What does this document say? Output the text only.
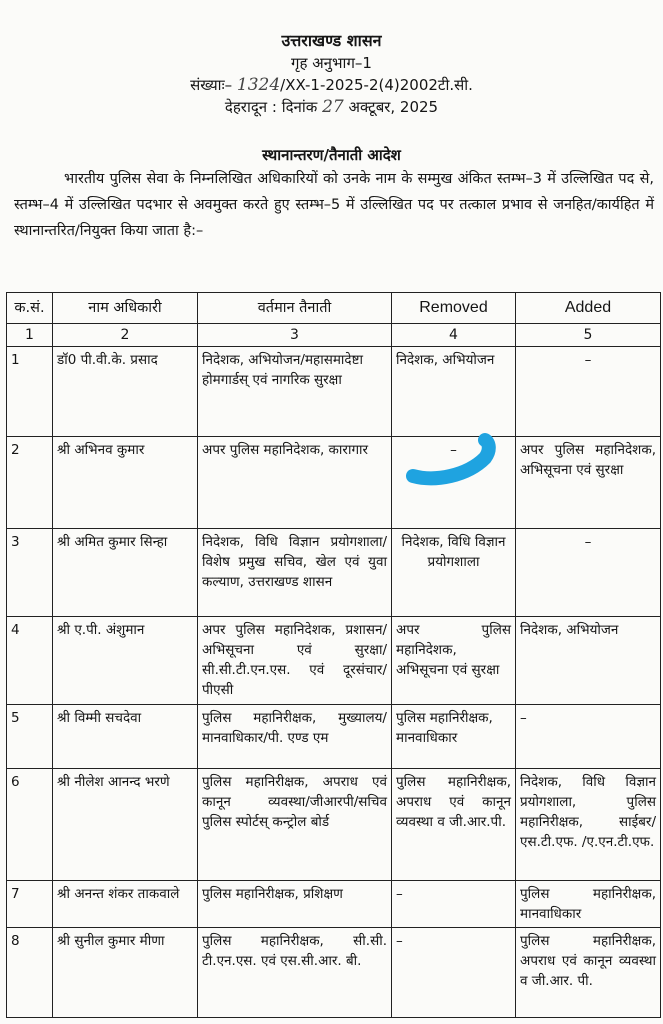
उत्तराखण्ड शासन
गृह अनुभाग–1
संख्याः– 1324/XX-1-2025-2(4)2002टी.सी.
देहरादून : दिनांक 27 अक्टूबर, 2025
स्थानान्तरण/तैनाती आदेश
भारतीय पुलिस सेवा के निम्नलिखित अधिकारियों को उनके नाम के सम्मुख अंकित स्तम्भ–3 में उल्लिखित पद से, स्तम्भ–4 में उल्लिखित पदभार से अवमुक्त करते हुए स्तम्भ–5 में उल्लिखित पद पर तत्काल प्रभाव से जनहित/कार्यहित में स्थानान्तरित/नियुक्त किया जाता है:–
क.सं.	नाम अधिकारी	वर्तमान तैनाती	Removed	Added
1	2	3	4	5
1	डॉ0 पी.वी.के. प्रसाद	निदेशक, अभियोजन/महासमादेष्टा होमगार्डस् एवं नागरिक सुरक्षा	निदेशक, अभियोजन	–

2	श्री अभिनव कुमार	अपर पुलिस महानिदेशक, कारागार	–	अपर पुलिस महानिदेशक, अभिसूचना एवं सुरक्षा
3	श्री अमित कुमार सिन्हा	निदेशक, विधि विज्ञान प्रयोगशाला/विशेष प्रमुख सचिव, खेल एवं युवा कल्याण, उत्तराखण्ड शासन	निदेशक, विधि विज्ञान प्रयोगशाला	–

4	श्री ए.पी. अंशुमान	अपर पुलिस महानिदेशक, प्रशासन/अभिसूचना एवं सुरक्षा/सी.सी.टी.एन.एस. एवं दूरसंचार/पीएसी	अपर पुलिस महानिदेशक, अभिसूचना एवं सुरक्षा	निदेशक, अभियोजन
5	श्री विम्मी सचदेवा	पुलिस महानिरीक्षक, मुख्यालय/मानवाधिकार/पी. एण्ड एम	पुलिस महानिरीक्षक, मानवाधिकार	–

6	श्री नीलेश आनन्द भरणे	पुलिस महानिरीक्षक, अपराध एवं कानून व्यवस्था/जीआरपी/सचिव पुलिस स्पोर्टस् कन्ट्रोल बोर्ड	पुलिस महानिरीक्षक, अपराध एवं कानून व्यवस्था व जी.आर.पी.	निदेशक, विधि विज्ञान प्रयोगशाला, पुलिस महानिरीक्षक, साईबर/एस.टी.एफ. /ए.एन.टी.एफ.
7	श्री अनन्त शंकर ताकवाले	पुलिस महानिरीक्षक, प्रशिक्षण	–	पुलिस महानिरीक्षक, मानवाधिकार
8	श्री सुनील कुमार मीणा	पुलिस महानिरीक्षक, सी.सी. टी.एन.एस. एवं एस.सी.आर. बी.	–	पुलिस महानिरीक्षक, अपराध एवं कानून व्यवस्था व जी.आर. पी.
